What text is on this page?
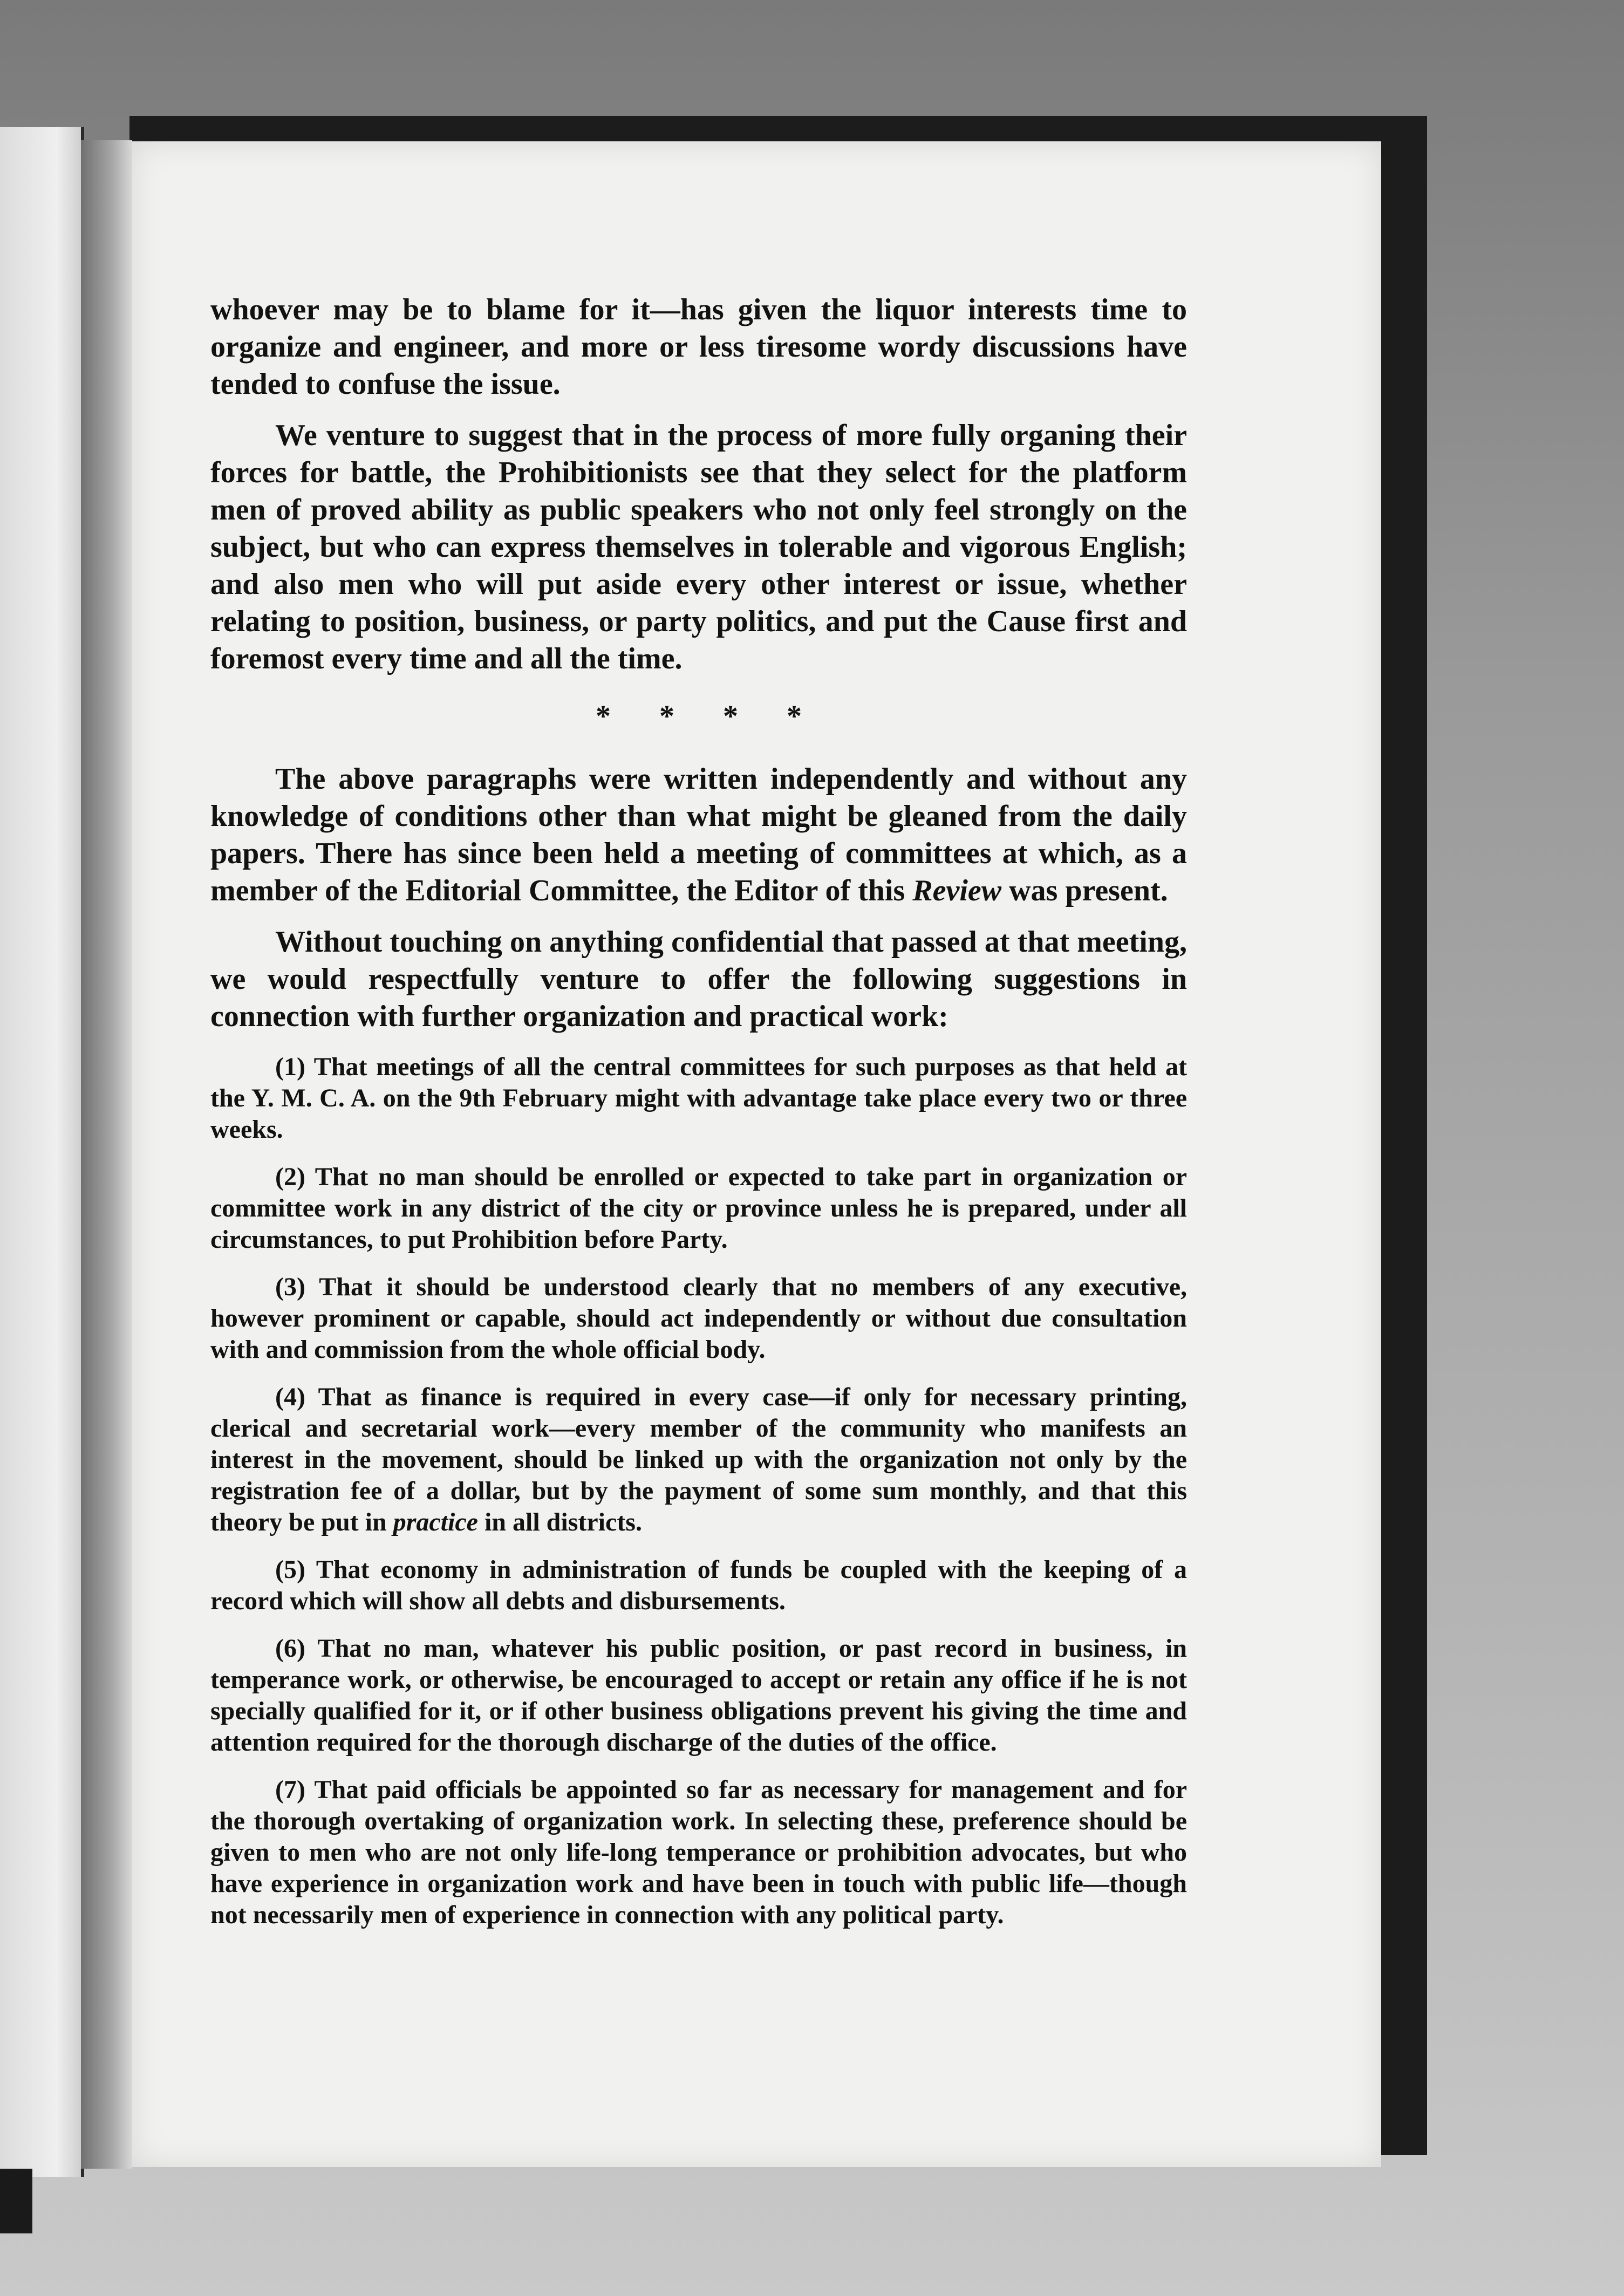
whoever may be to blame for it—has given the liquor interests time to organize and engineer, and more or less tiresome wordy discussions have tended to confuse the issue.

We venture to suggest that in the process of more fully organing their forces for battle, the Prohibitionists see that they select for the platform men of proved ability as public speakers who not only feel strongly on the subject, but who can express themselves in tolerable and vigorous English; and also men who will put aside every other interest or issue, whether relating to position, business, or party politics, and put the Cause first and foremost every time and all the time.

* * * *

The above paragraphs were written independently and without any knowledge of conditions other than what might be gleaned from the daily papers. There has since been held a meeting of committees at which, as a member of the Editorial Committee, the Editor of this Review was present.

Without touching on anything confidential that passed at that meeting, we would respectfully venture to offer the following suggestions in connection with further organization and practical work:

(1) That meetings of all the central committees for such purposes as that held at the Y. M. C. A. on the 9th February might with advantage take place every two or three weeks.

(2) That no man should be enrolled or expected to take part in organization or committee work in any district of the city or province unless he is prepared, under all circumstances, to put Prohibition before Party.

(3) That it should be understood clearly that no members of any executive, however prominent or capable, should act independently or without due consultation with and commission from the whole official body.

(4) That as finance is required in every case—if only for necessary printing, clerical and secretarial work—every member of the community who manifests an interest in the movement, should be linked up with the organization not only by the registration fee of a dollar, but by the payment of some sum monthly, and that this theory be put in practice in all districts.

(5) That economy in administration of funds be coupled with the keeping of a record which will show all debts and disbursements.

(6) That no man, whatever his public position, or past record in business, in temperance work, or otherwise, be encouraged to accept or retain any office if he is not specially qualified for it, or if other business obligations prevent his giving the time and attention required for the thorough discharge of the duties of the office.

(7) That paid officials be appointed so far as necessary for management and for the thorough overtaking of organization work. In selecting these, preference should be given to men who are not only life-long temperance or prohibition advocates, but who have experience in organization work and have been in touch with public life—though not necessarily men of experience in connection with any political party.
